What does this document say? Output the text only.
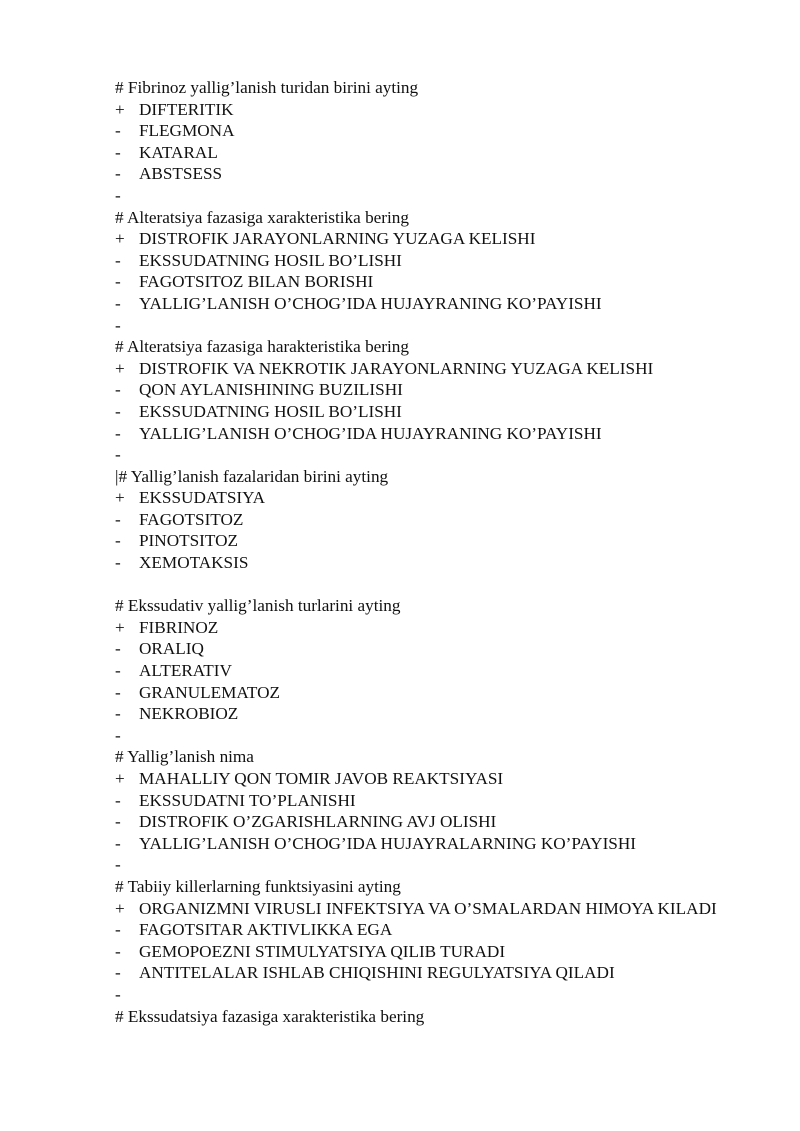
# Fibrinoz yallig’lanish turidan birini ayting
+ DIFTERITIK
-	FLEGMONA
-	KATARAL
-	ABSTSESS
-
# Alteratsiya fazasiga xarakteristika bering
+ DISTROFIK JARAYONLARNING YUZAGA KELISHI
-	EKSSUDATNING HOSIL BO’LISHI
-	FAGOTSITOZ BILAN BORISHI
-	YALLIG’LANISH O’CHOG’IDA HUJAYRANING KO’PAYISHI
-
# Alteratsiya fazasiga harakteristika bering
+ DISTROFIK VA NEKROTIK JARAYONLARNING YUZAGA KELISHI
-	QON AYLANISHINING BUZILISHI
-	EKSSUDATNING HOSIL BO’LISHI
-	YALLIG’LANISH O’CHOG’IDA HUJAYRANING KO’PAYISHI
-
|# Yallig’lanish fazalaridan birini ayting
+ EKSSUDATSIYA
-	FAGOTSITOZ
-	PINOTSITOZ
-	XEMOTAKSIS
# Ekssudativ yallig’lanish turlarini ayting
+ FIBRINOZ
-	ORALIQ
-	ALTERATIV
-	GRANULEMATOZ
-	NEKROBIOZ
-
# Yallig’lanish nima
+ MAHALLIY QON TOMIR JAVOB REAKTSIYASI
-	EKSSUDATNI TO’PLANISHI
-	DISTROFIK O’ZGARISHLARNING AVJ OLISHI
-	YALLIG’LANISH O’CHOG’IDA HUJAYRALARNING KO’PAYISHI
-
# Tabiiy killerlarning funktsiyasini ayting
+ ORGANIZMNI VIRUSLI INFEKTSIYA VA O’SMALARDAN HIMOYA KILADI
-	FAGOTSITAR AKTIVLIKKA EGA
-	GEMOPOEZNI STIMULYATSIYA QILIB TURADI
-	ANTITELALAR ISHLAB CHIQISHINI REGULYATSIYA QILADI
-
# Ekssudatsiya fazasiga xarakteristika bering
